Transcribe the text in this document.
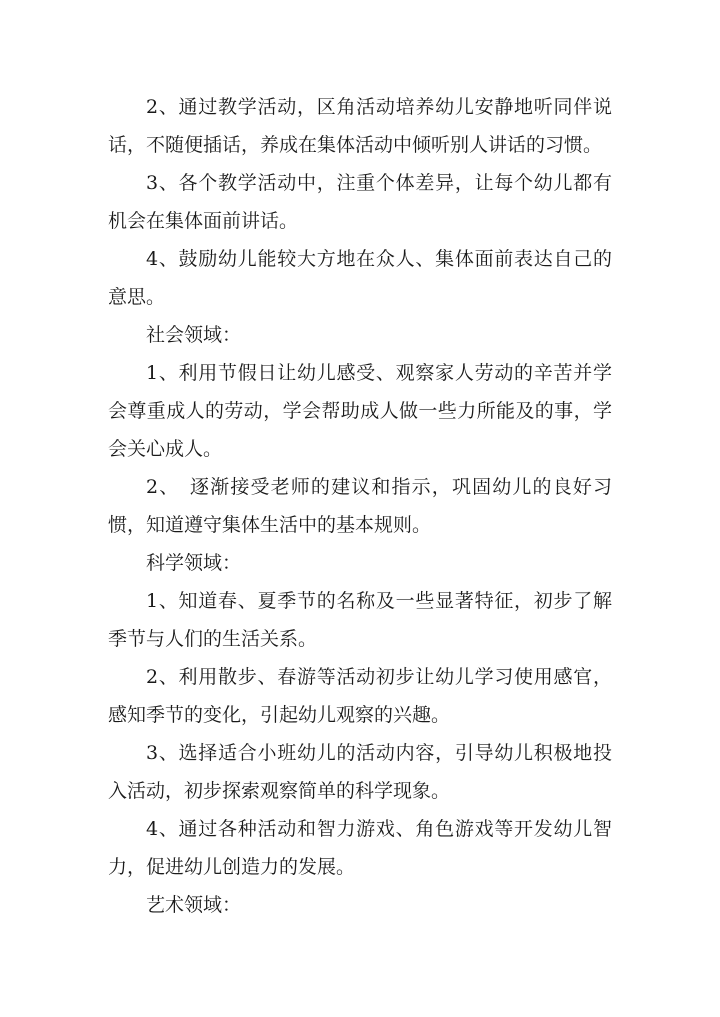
2、通过教学活动，区角活动培养幼儿安静地听同伴说话，不随便插话，养成在集体活动中倾听别人讲话的习惯。

3、各个教学活动中，注重个体差异，让每个幼儿都有机会在集体面前讲话。

4、鼓励幼儿能较大方地在众人、集体面前表达自己的意思。

社会领域：

1、利用节假日让幼儿感受、观察家人劳动的辛苦并学会尊重成人的劳动，学会帮助成人做一些力所能及的事，学会关心成人。

2、　逐渐接受老师的建议和指示，巩固幼儿的良好习惯，知道遵守集体生活中的基本规则。

科学领域：

1、知道春、夏季节的名称及一些显著特征，初步了解季节与人们的生活关系。

2、利用散步、春游等活动初步让幼儿学习使用感官，感知季节的变化，引起幼儿观察的兴趣。

3、选择适合小班幼儿的活动内容，引导幼儿积极地投入活动，初步探索观察简单的科学现象。

4、通过各种活动和智力游戏、角色游戏等开发幼儿智力，促进幼儿创造力的发展。

艺术领域：
